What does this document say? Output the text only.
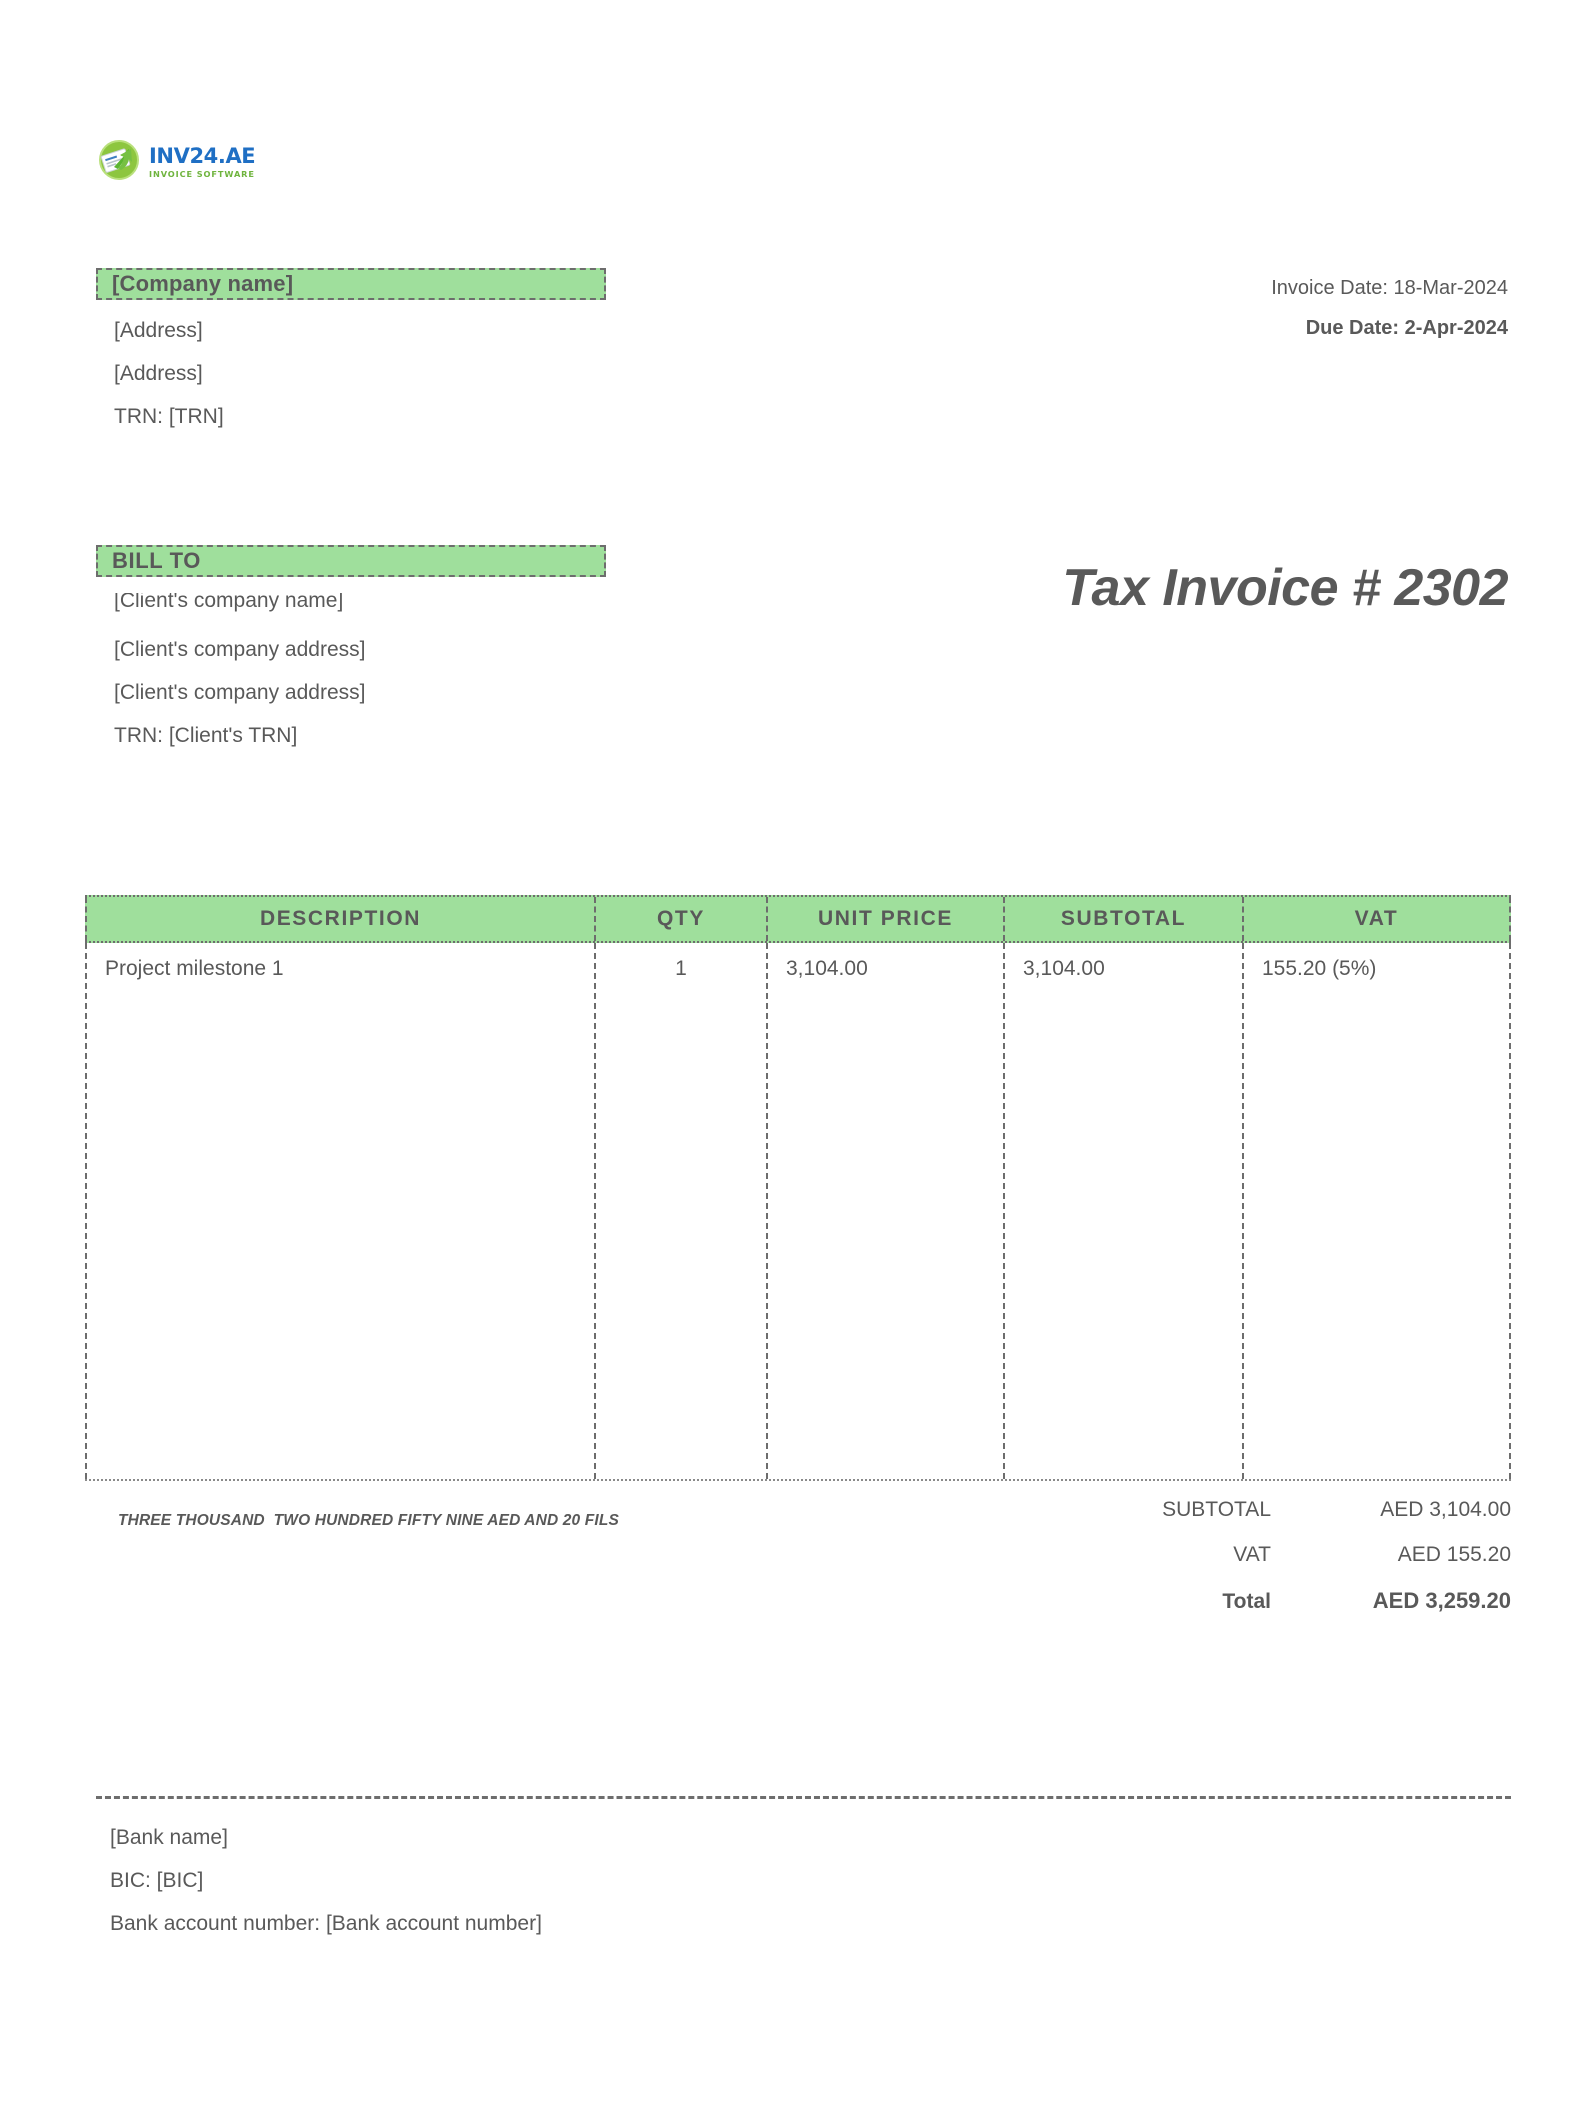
INV24.AE
INVOICE SOFTWARE
[Company name]
[Address]
[Address]
TRN: [TRN]
Invoice Date: 18-Mar-2024
Due Date: 2-Apr-2024
BILL TO
[Client's company name]
[Client's company address]
[Client's company address]
TRN: [Client's TRN]
Tax Invoice # 2302
DESCRIPTION	QTY	UNIT PRICE	SUBTOTAL	VAT
Project milestone 1	1	3,104.00	3,104.00	155.20 (5%)
THREE THOUSAND  TWO HUNDRED FIFTY NINE AED AND 20 FILS	SUBTOTAL	AED 3,104.00
VAT	AED 155.20
Total	AED 3,259.20
[Bank name]
BIC: [BIC]
Bank account number: [Bank account number]
